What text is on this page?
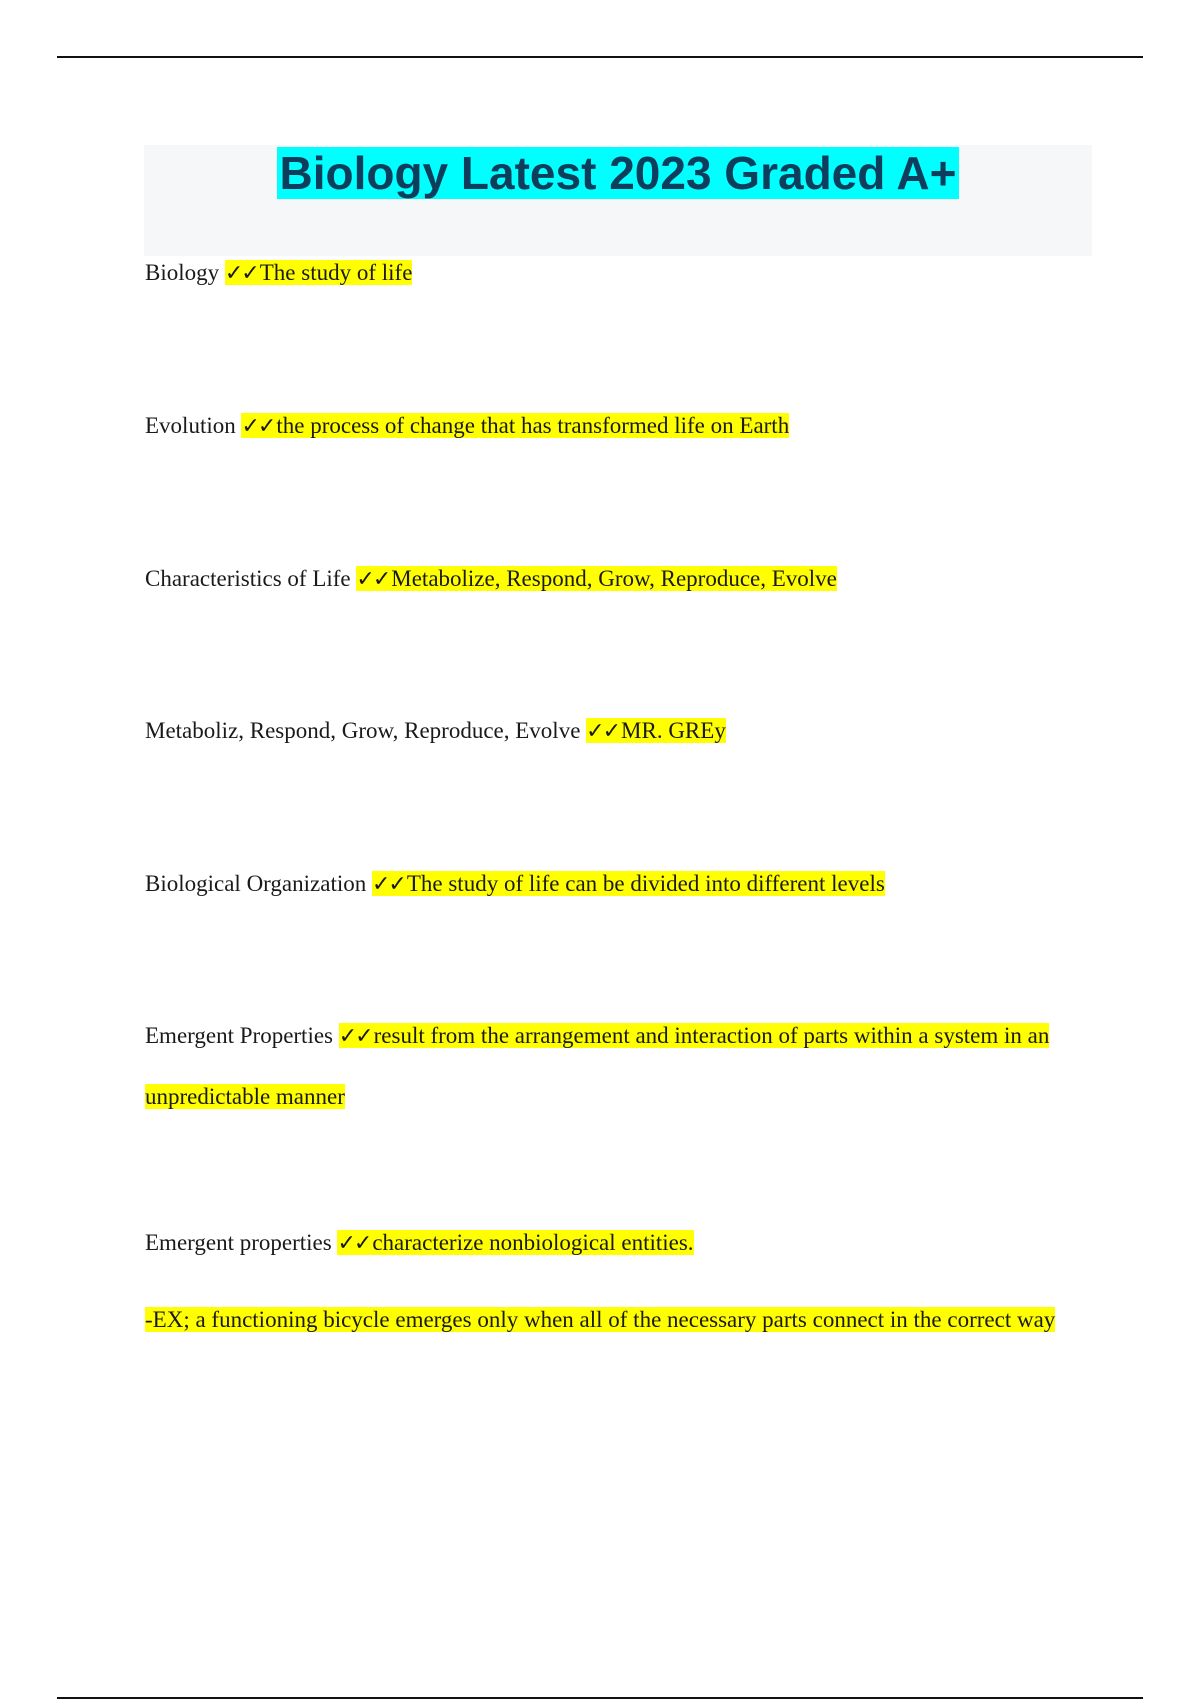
Biology Latest 2023 Graded A+

Biology ✓✓The study of life

Evolution ✓✓the process of change that has transformed life on Earth

Characteristics of Life ✓✓Metabolize, Respond, Grow, Reproduce, Evolve

Metaboliz, Respond, Grow, Reproduce, Evolve ✓✓MR. GREy

Biological Organization ✓✓The study of life can be divided into different levels

Emergent Properties ✓✓result from the arrangement and interaction of parts within a system in an unpredictable manner

Emergent properties ✓✓characterize nonbiological entities.

-EX; a functioning bicycle emerges only when all of the necessary parts connect in the correct way
